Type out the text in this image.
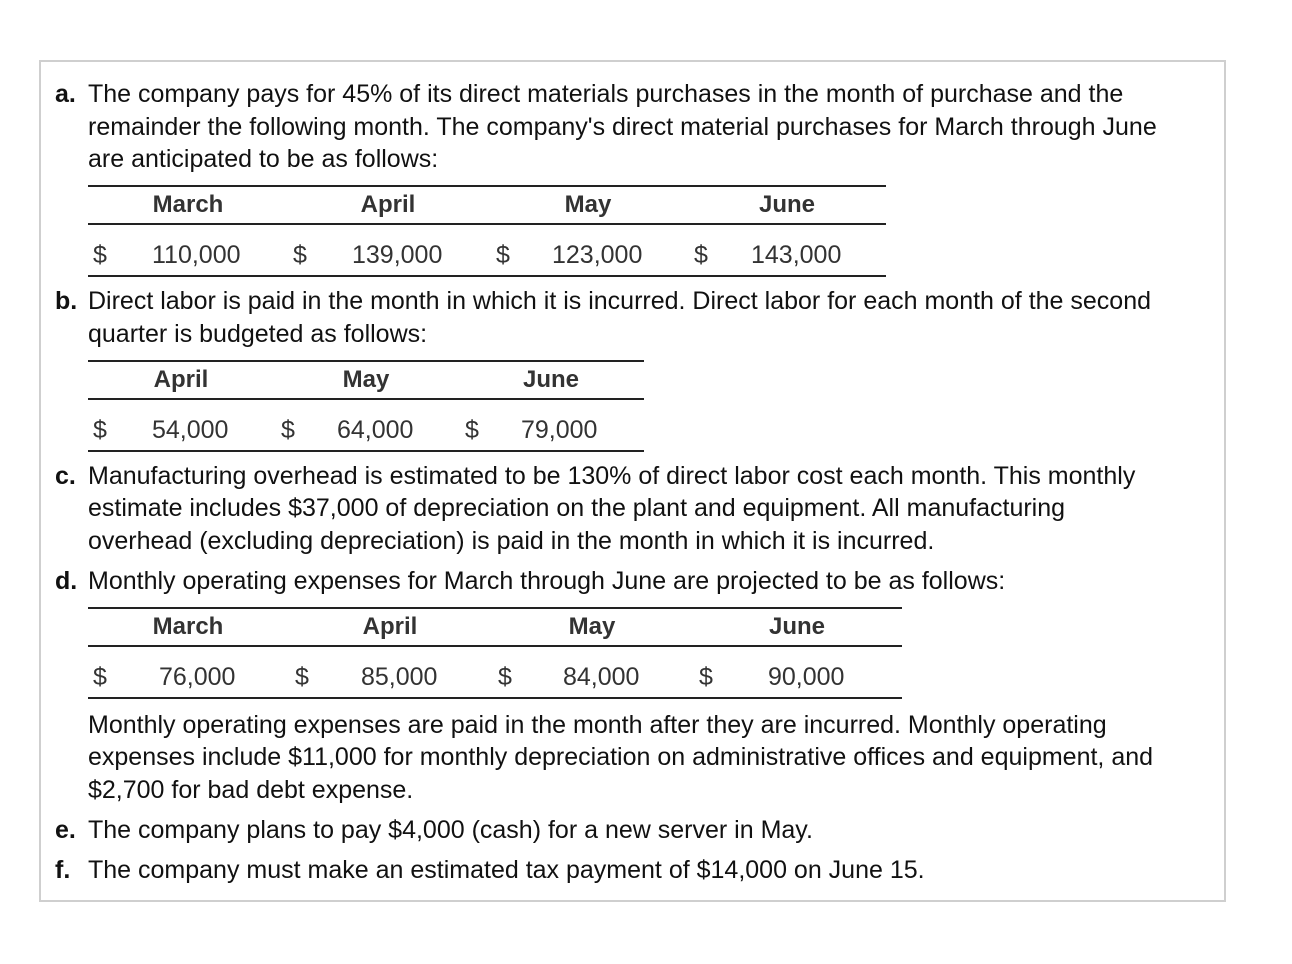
a. The company pays for 45% of its direct materials purchases in the month of purchase and the
remainder the following month. The company's direct material purchases for March through June
are anticipated to be as follows:
March	April	May	June
$ 110,000 $ 139,000 $ 123,000 $ 143,000
b. Direct labor is paid in the month in which it is incurred. Direct labor for each month of the second
quarter is budgeted as follows:
April	May	June
$ 54,000 $ 64,000 $ 79,000
c. Manufacturing overhead is estimated to be 130% of direct labor cost each month. This monthly
estimate includes $37,000 of depreciation on the plant and equipment. All manufacturing
overhead (excluding depreciation) is paid in the month in which it is incurred.
d. Monthly operating expenses for March through June are projected to be as follows:
March	April	May	June
$ 76,000 $ 85,000 $ 84,000 $ 90,000
Monthly operating expenses are paid in the month after they are incurred. Monthly operating
expenses include $11,000 for monthly depreciation on administrative offices and equipment, and
$2,700 for bad debt expense.
e. The company plans to pay $4,000 (cash) for a new server in May.
f. The company must make an estimated tax payment of $14,000 on June 15.
